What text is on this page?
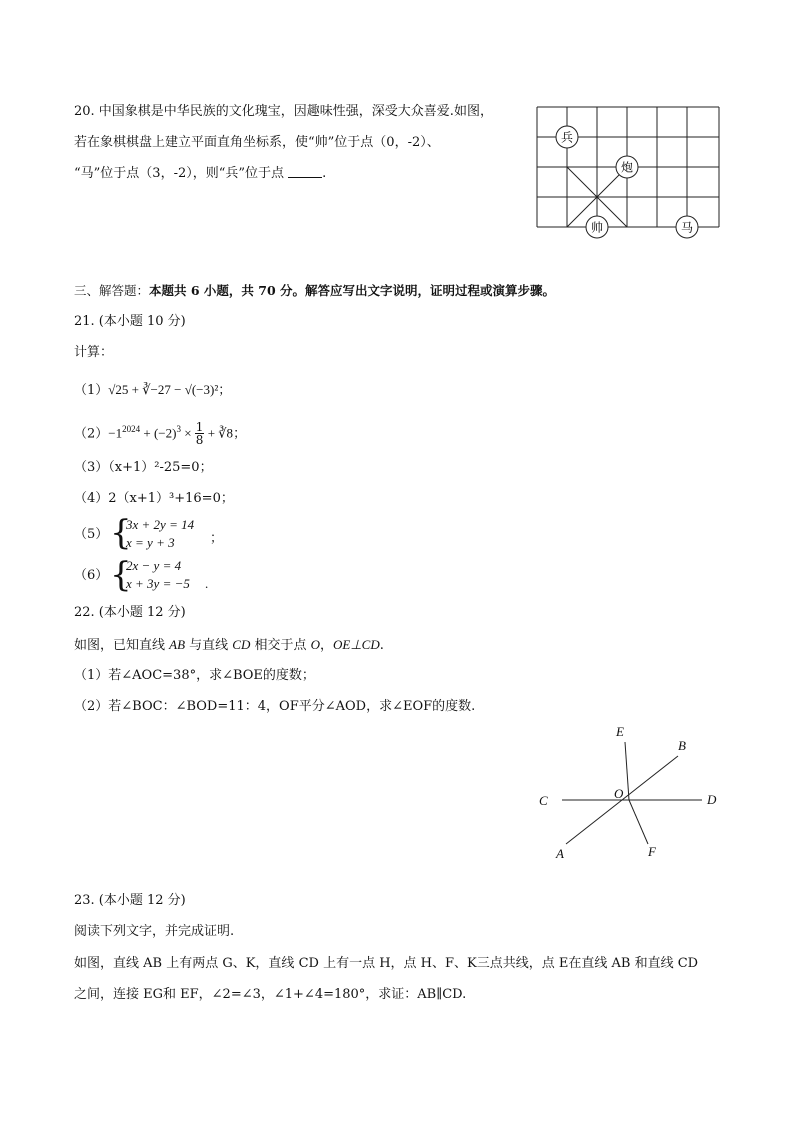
20. 中国象棋是中华民族的文化瑰宝，因趣味性强，深受大众喜爱.如图，
若在象棋棋盘上建立平面直角坐标系，使“帅”位于点（0，-2）、
“马”位于点（3，-2），则“兵”位于点	.
兵
炮
帅	马
三、解答题：本题共 6 小题，共 70 分。解答应写出文字说明，证明过程或演算步骤。
21. (本小题 10 分)
计算：
（1）√25 + ∛−27 − √(−3)²；
$(2)-1^{2024} + (-2)^3 \times \frac{1}{8}$ + ∛8；
（3）（x+1）²-25=0；
（4）2（x+1）³+16=0；
（5） {
3x + 2y = 14
x = y + 3	；
（6） {
2x − y = 4
x + 3y = −5 .
22. (本小题 12 分)
如图，已知直线 AB 与直线 CD 相交于点 O，OE⊥CD.
（1）若∠AOC=38°，求∠BOE的度数；
（2）若∠BOC：∠BOD=11：4，OF平分∠AOD，求∠EOF的度数.
E
B
C	O	D
A	F
23. (本小题 12 分)
阅读下列文字，并完成证明.
如图，直线 AB 上有两点 G、K，直线 CD 上有一点 H，点 H、F、K三点共线，点 E在直线 AB 和直线 CD
之间，连接 EG和 EF，∠2=∠3，∠1+∠4=180°，求证：AB∥CD.
